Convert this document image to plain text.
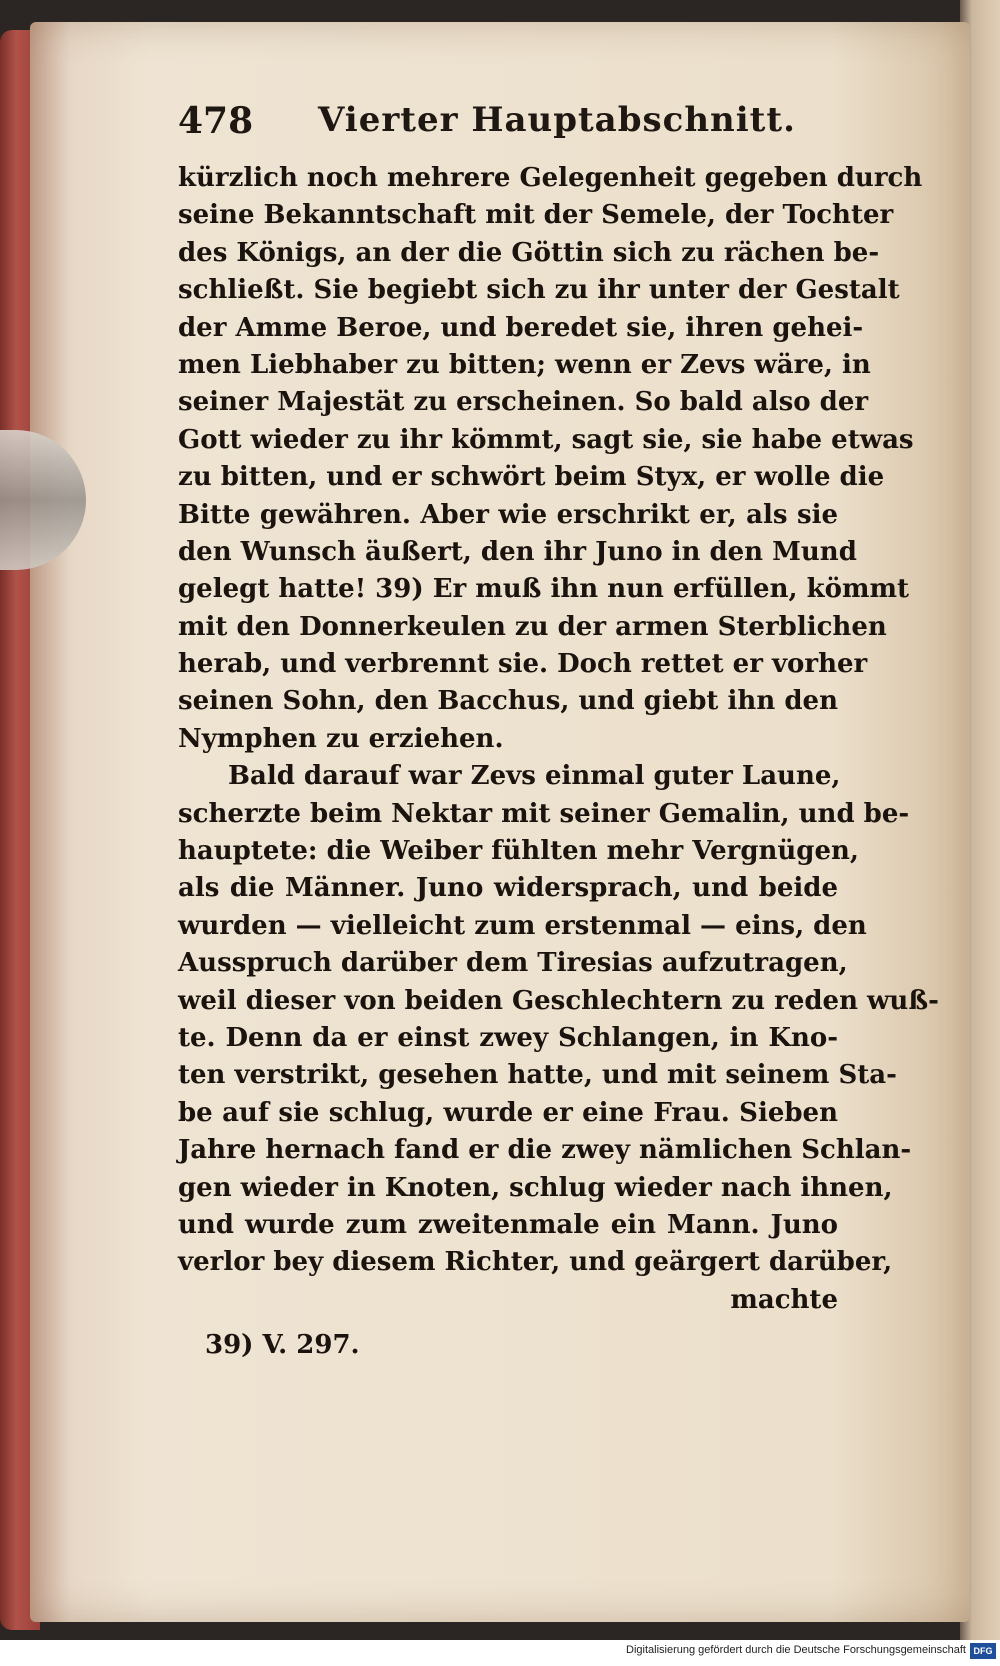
478 Vierter Hauptabschnitt.
kürzlich noch mehrere Gelegenheit gegeben durch
seine Bekanntschaft mit der Semele, der Tochter
des Königs, an der die Göttin sich zu rächen be-
schließt. Sie begiebt sich zu ihr unter der Gestalt
der Amme Beroe, und beredet sie, ihren gehei-
men Liebhaber zu bitten; wenn er Zevs wäre, in
seiner Majestät zu erscheinen. So bald also der
Gott wieder zu ihr kömmt, sagt sie, sie habe etwas
zu bitten, und er schwört beim Styx, er wolle die
Bitte gewähren. Aber wie erschrikt er, als sie
den Wunsch äußert, den ihr Juno in den Mund
gelegt hatte! 39) Er muß ihn nun erfüllen, kömmt
mit den Donnerkeulen zu der armen Sterblichen
herab, und verbrennt sie. Doch rettet er vorher
seinen Sohn, den Bacchus, und giebt ihn den
Nymphen zu erziehen.
Bald darauf war Zevs einmal guter Laune,
scherzte beim Nektar mit seiner Gemalin, und be-
hauptete: die Weiber fühlten mehr Vergnügen,
als die Männer. Juno widersprach, und beide
wurden — vielleicht zum erstenmal — eins, den
Ausspruch darüber dem Tiresias aufzutragen,
weil dieser von beiden Geschlechtern zu reden wuß-
te. Denn da er einst zwey Schlangen, in Kno-
ten verstrikt, gesehen hatte, und mit seinem Sta-
be auf sie schlug, wurde er eine Frau. Sieben
Jahre hernach fand er die zwey nämlichen Schlan-
gen wieder in Knoten, schlug wieder nach ihnen,
und wurde zum zweitenmale ein Mann. Juno
verlor bey diesem Richter, und geärgert darüber,
machte
39) V. 297.
Digitalisierung gefördert durch die Deutsche Forschungsgemeinschaft DFG
